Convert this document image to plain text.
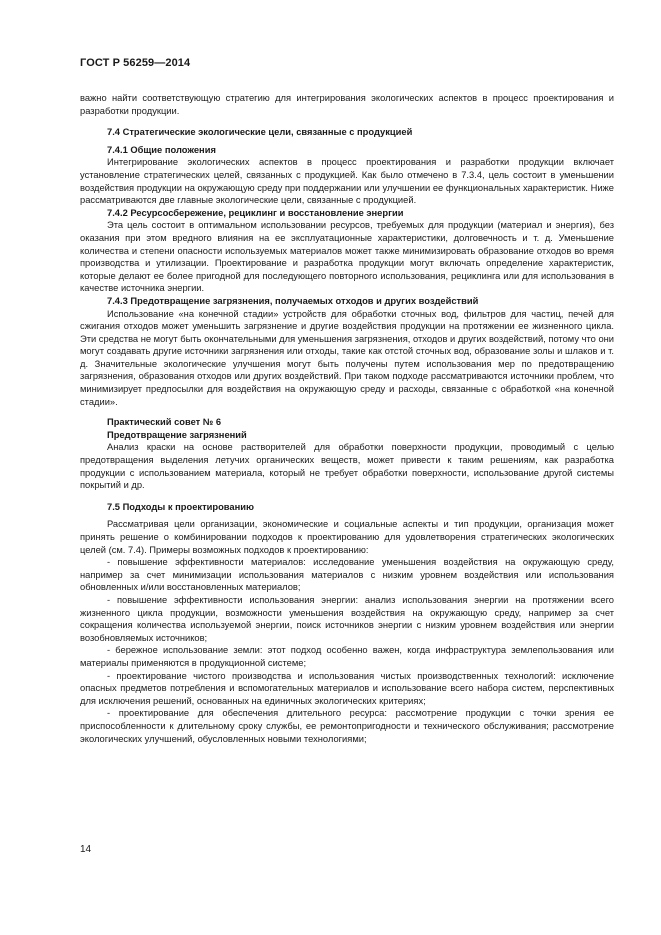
ГОСТ Р 56259—2014

важно найти соответствующую стратегию для интегрирования экологических аспектов в процесс проектирования и разработки продукции.

7.4 Стратегические экологические цели, связанные с продукцией

7.4.1 Общие положения

Интегрирование экологических аспектов в процесс проектирования и разработки продукции включает установление стратегических целей, связанных с продукцией. Как было отмечено в 7.3.4, цель состоит в уменьшении воздействия продукции на окружающую среду при поддержании или улучшении ее функциональных характеристик. Ниже рассматриваются две главные экологические цели, связанные с продукцией.

7.4.2 Ресурсосбережение, рециклинг и восстановление энергии

Эта цель состоит в оптимальном использовании ресурсов, требуемых для продукции (материал и энергия), без оказания при этом вредного влияния на ее эксплуатационные характеристики, долговечность и т. д. Уменьшение количества и степени опасности используемых материалов может также минимизировать образование отходов во время производства и утилизации. Проектирование и разработка продукции могут включать определение характеристик, которые делают ее более пригодной для последующего повторного использования, рециклинга или для использования в качестве источника энергии.

7.4.3 Предотвращение загрязнения, получаемых отходов и других воздействий

Использование «на конечной стадии» устройств для обработки сточных вод, фильтров для частиц, печей для сжигания отходов может уменьшить загрязнение и другие воздействия продукции на протяжении ее жизненного цикла. Эти средства не могут быть окончательными для уменьшения загрязнения, отходов и других воздействий, потому что они могут создавать другие источники загрязнения или отходы, такие как отстой сточных вод, образование золы и шлаков и т. д. Значительные экологические улучшения могут быть получены путем использования мер по предотвращению загрязнения, образования отходов или других воздействий. При таком подходе рассматриваются источники проблем, что минимизирует предпосылки для воздействия на окружающую среду и расходы, связанные с обработкой «на конечной стадии».

Практический совет № 6

Предотвращение загрязнений

Анализ краски на основе растворителей для обработки поверхности продукции, проводимый с целью предотвращения выделения летучих органических веществ, может привести к таким решениям, как разработка продукции с использованием материала, который не требует обработки поверхности, использование другой системы покрытий и др.

7.5 Подходы к проектированию

Рассматривая цели организации, экономические и социальные аспекты и тип продукции, организация может принять решение о комбинировании подходов к проектированию для удовлетворения стратегических экологических целей (см. 7.4). Примеры возможных подходов к проектированию:

- повышение эффективности материалов: исследование уменьшения воздействия на окружающую среду, например за счет минимизации использования материалов с низким уровнем воздействия или использования обновленных и/или восстановленных материалов;

- повышение эффективности использования энергии: анализ использования энергии на протяжении всего жизненного цикла продукции, возможности уменьшения воздействия на окружающую среду, например за счет сокращения количества используемой энергии, поиск источников энергии с низким уровнем воздействия или энергии возобновляемых источников;

- бережное использование земли: этот подход особенно важен, когда инфраструктура землепользования или материалы применяются в продукционной системе;

- проектирование чистого производства и использования чистых производственных технологий: исключение опасных предметов потребления и вспомогательных материалов и использование всего набора систем, перспективных для исключения решений, основанных на единичных экологических критериях;

- проектирование для обеспечения длительного ресурса: рассмотрение продукции с точки зрения ее приспособленности к длительному сроку службы, ее ремонтопригодности и технического обслуживания; рассмотрение экологических улучшений, обусловленных новыми технологиями;

14
